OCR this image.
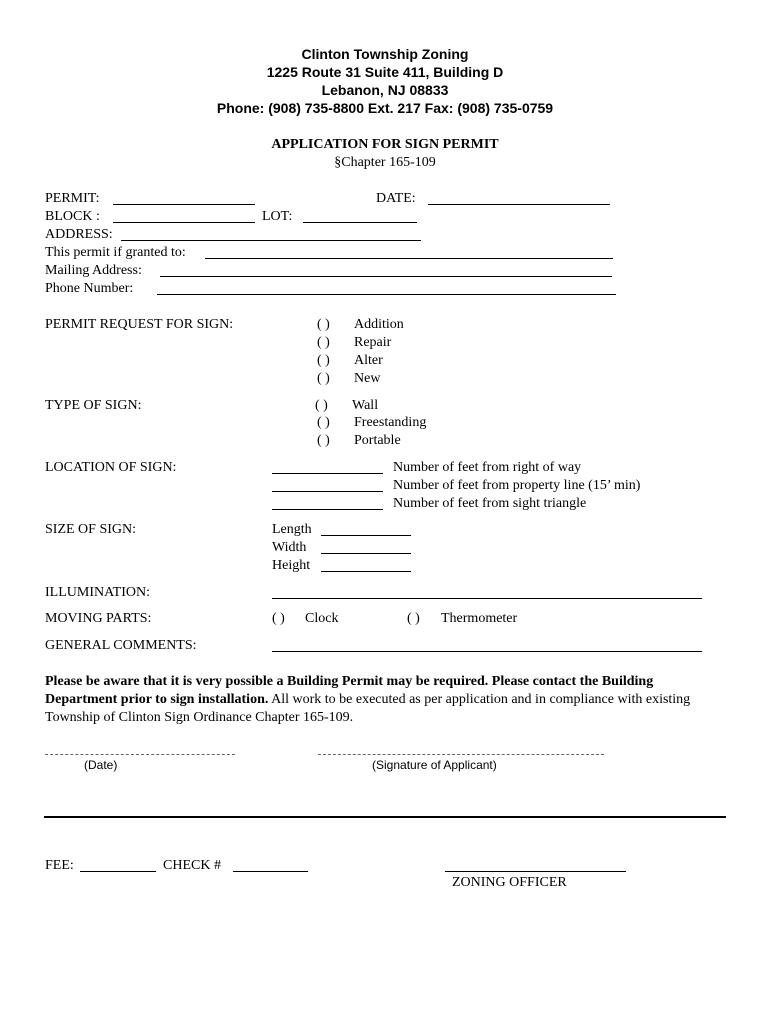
Clinton Township Zoning
1225 Route 31 Suite 411, Building D
Lebanon, NJ 08833
Phone: (908) 735-8800 Ext. 217 Fax: (908) 735-0759
APPLICATION FOR SIGN PERMIT
§Chapter 165-109
PERMIT:	DATE:
BLOCK :	LOT:
ADDRESS:
This permit if granted to:
Mailing Address:
Phone Number:
PERMIT REQUEST FOR SIGN:	( ) Addition
( ) Repair
( ) Alter
( ) New
TYPE OF SIGN:	( ) Wall
( ) Freestanding
( ) Portable
LOCATION OF SIGN:	Number of feet from right of way
Number of feet from property line (15’ min)
Number of feet from sight triangle
SIZE OF SIGN:	Length
Width
Height
ILLUMINATION:
MOVING PARTS:	( ) Clock	( ) Thermometer
GENERAL COMMENTS:
Please be aware that it is very possible a Building Permit may be required. Please contact the Building Department prior to sign installation. All work to be executed as per application and in compliance with existing Township of Clinton Sign Ordinance Chapter 165-109.
(Date)	(Signature of Applicant)
FEE:	CHECK #
ZONING OFFICER
